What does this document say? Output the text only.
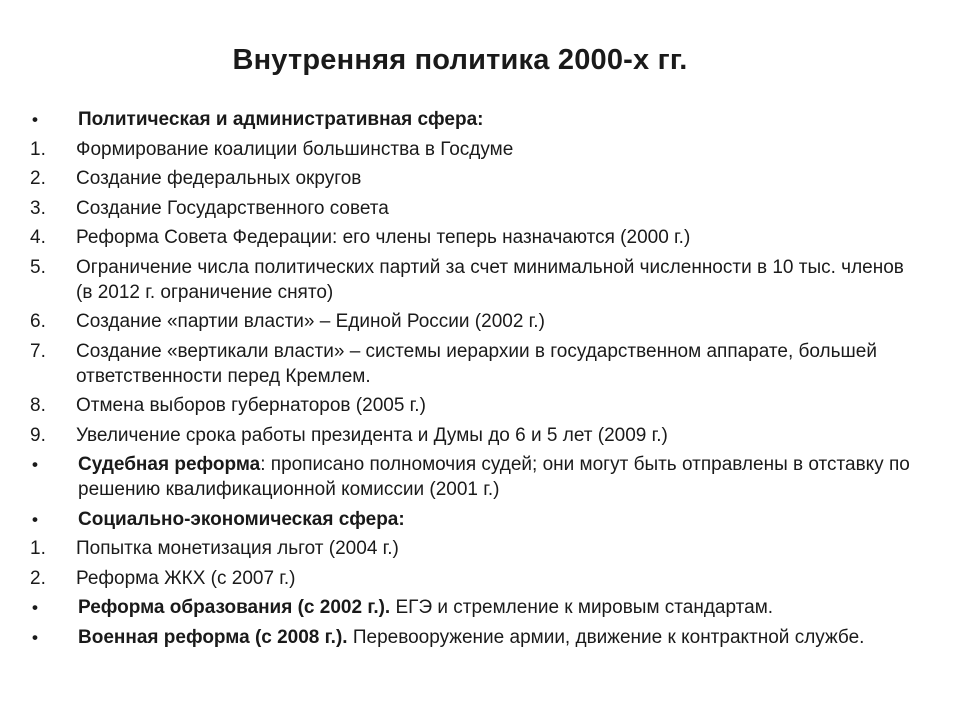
Внутренняя политика 2000-х гг.
•	Политическая и административная сфера:
1.	Формирование коалиции большинства в Госдуме
2.	Создание федеральных округов
3.	Создание Государственного совета
4.	Реформа Совета Федерации: его члены теперь назначаются (2000 г.)
5.	Ограничение числа политических партий за счет минимальной численности в 10 тыс. членов (в 2012 г. ограничение снято)
6.	Создание «партии власти» – Единой России (2002 г.)
7.	Создание «вертикали власти» – системы иерархии в государственном аппарате, большей ответственности перед Кремлем.
8.	Отмена выборов губернаторов (2005 г.)
9.	Увеличение срока работы президента и Думы до 6 и 5 лет (2009 г.)
•	Судебная реформа: прописано полномочия судей; они могут быть отправлены в отставку по решению квалификационной комиссии (2001 г.)
•	Социально-экономическая сфера:
1.	Попытка монетизация льгот (2004 г.)
2.	Реформа ЖКХ (с 2007 г.)
•	Реформа образования (с 2002 г.). ЕГЭ и стремление к мировым стандартам.
•	Военная реформа (с 2008 г.). Перевооружение армии, движение к контрактной службе.
